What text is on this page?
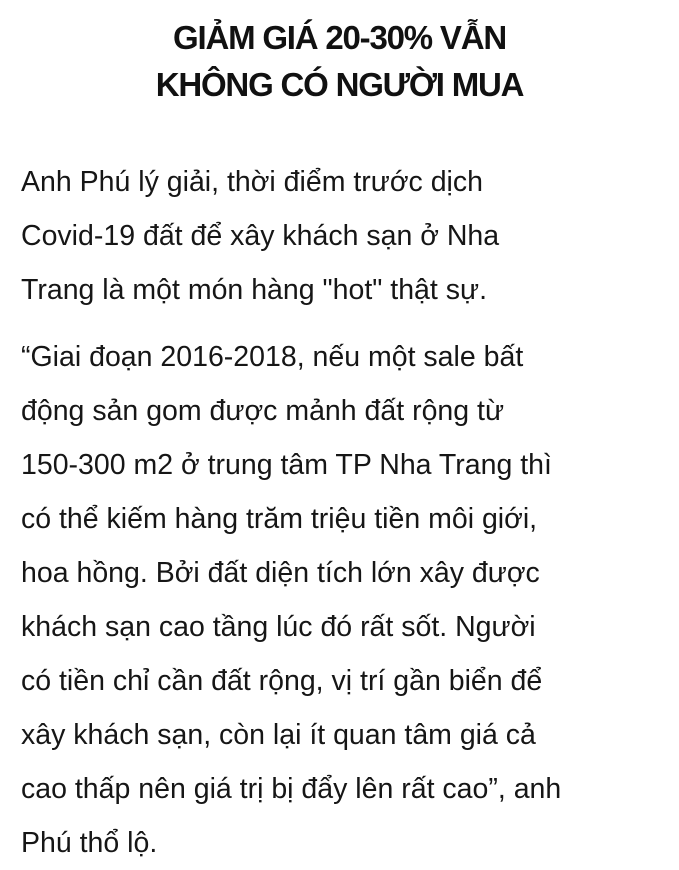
GIẢM GIÁ 20-30% VẪN
KHÔNG CÓ NGƯỜI MUA

Anh Phú lý giải, thời điểm trước dịch
Covid-19 đất để xây khách sạn ở Nha
Trang là một món hàng "hot" thật sự.

“Giai đoạn 2016-2018, nếu một sale bất
động sản gom được mảnh đất rộng từ
150-300 m2 ở trung tâm TP Nha Trang thì
có thể kiếm hàng trăm triệu tiền môi giới,
hoa hồng. Bởi đất diện tích lớn xây được
khách sạn cao tầng lúc đó rất sốt. Người
có tiền chỉ cần đất rộng, vị trí gần biển để
xây khách sạn, còn lại ít quan tâm giá cả
cao thấp nên giá trị bị đẩy lên rất cao”, anh
Phú thổ lộ.
